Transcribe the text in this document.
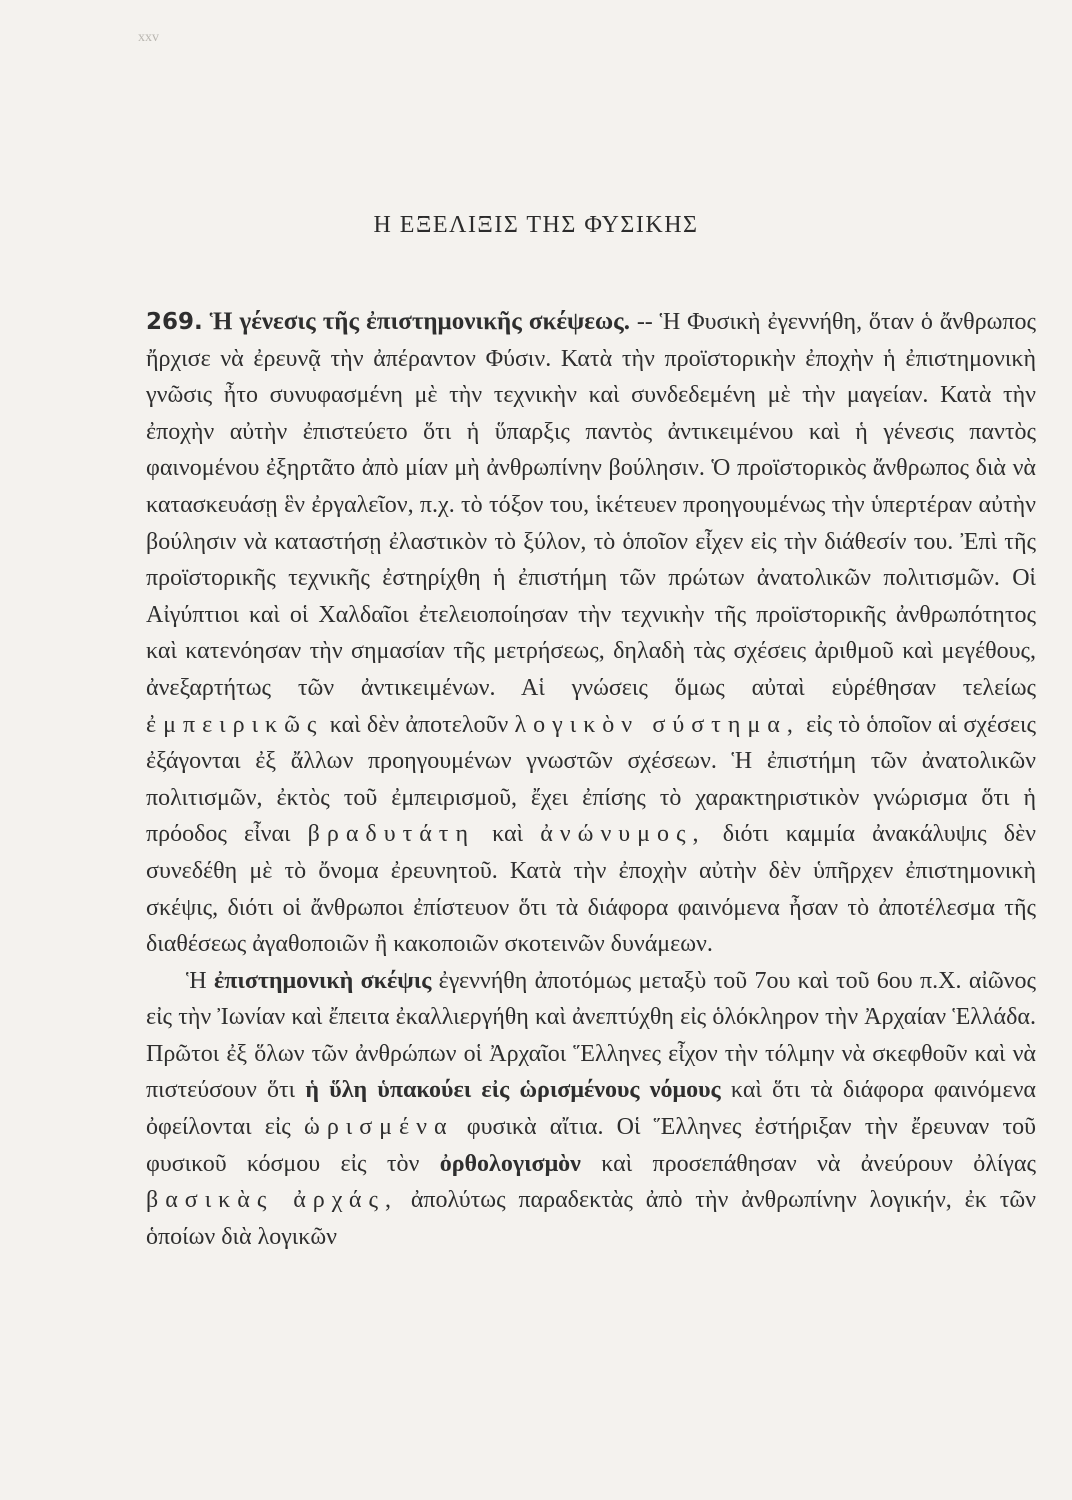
xxv
Η ΕΞΕΛΙΞΙΣ ΤΗΣ ΦΥΣΙΚΗΣ

269. Ἡ γένεσις τῆς ἐπιστημονικῆς σκέψεως. -- Ἡ Φυσικὴ ἐγεννήθη, ὅταν ὁ ἄνθρωπος ἤρχισε νὰ ἐρευνᾷ τὴν ἀπέραντον Φύσιν. Κατὰ τὴν προϊστορικὴν ἐποχὴν ἡ ἐπιστημονικὴ γνῶσις ἦτο συνυφασμένη μὲ τὴν τεχνικὴν καὶ συνδεδεμένη μὲ τὴν μαγείαν. Κατὰ τὴν ἐποχὴν αὐτὴν ἐπιστεύετο ὅτι ἡ ὕπαρξις παντὸς ἀντικειμένου καὶ ἡ γένεσις παντὸς φαινομένου ἐξηρτᾶτο ἀπὸ μίαν μὴ ἀνθρωπίνην βούλησιν. Ὁ προϊστορικὸς ἄνθρωπος διὰ νὰ κατασκευάσῃ ἓν ἐργαλεῖον, π.χ. τὸ τόξον του, ἱκέτευεν προηγουμένως τὴν ὑπερτέραν αὐτὴν βούλησιν νὰ καταστήσῃ ἐλαστικὸν τὸ ξύλον, τὸ ὁποῖον εἶχεν εἰς τὴν διάθεσίν του. Ἐπὶ τῆς προϊστορικῆς τεχνικῆς ἐστηρίχθη ἡ ἐπιστήμη τῶν πρώτων ἀνατολικῶν πολιτισμῶν. Οἱ Αἰγύπτιοι καὶ οἱ Χαλδαῖοι ἐτελειοποίησαν τὴν τεχνικὴν τῆς προϊστορικῆς ἀνθρωπότητος καὶ κατενόησαν τὴν σημασίαν τῆς μετρήσεως, δηλαδὴ τὰς σχέσεις ἀριθμοῦ καὶ μεγέθους, ἀνεξαρτήτως τῶν ἀντικειμένων. Αἱ γνώσεις ὅμως αὐταὶ εὑρέθησαν τελείως ἐμπειρικῶς καὶ δὲν ἀποτελοῦν λογικὸν σύστημα, εἰς τὸ ὁποῖον αἱ σχέσεις ἐξάγονται ἐξ ἄλλων προηγουμένων γνωστῶν σχέσεων. Ἡ ἐπιστήμη τῶν ἀνατολικῶν πολιτισμῶν, ἐκτὸς τοῦ ἐμπειρισμοῦ, ἔχει ἐπίσης τὸ χαρακτηριστικὸν γνώρισμα ὅτι ἡ πρόοδος εἶναι βραδυτάτη καὶ ἀνώνυμος, διότι καμμία ἀνακάλυψις δὲν συνεδέθη μὲ τὸ ὄνομα ἐρευνητοῦ. Κατὰ τὴν ἐποχὴν αὐτὴν δὲν ὑπῆρχεν ἐπιστημονικὴ σκέψις, διότι οἱ ἄνθρωποι ἐπίστευον ὅτι τὰ διάφορα φαινόμενα ἦσαν τὸ ἀποτέλεσμα τῆς διαθέσεως ἀγαθοποιῶν ἢ κακοποιῶν σκοτεινῶν δυνάμεων.

Ἡ ἐπιστημονικὴ σκέψις ἐγεννήθη ἀποτόμως μεταξὺ τοῦ 7ου καὶ τοῦ 6ου π.Χ. αἰῶνος εἰς τὴν Ἰωνίαν καὶ ἔπειτα ἐκαλλιεργήθη καὶ ἀνεπτύχθη εἰς ὁλόκληρον τὴν Ἀρχαίαν Ἑλλάδα. Πρῶτοι ἐξ ὅλων τῶν ἀνθρώπων οἱ Ἀρχαῖοι Ἕλληνες εἶχον τὴν τόλμην νὰ σκεφθοῦν καὶ νὰ πιστεύσουν ὅτι ἡ ὕλη ὑπακούει εἰς ὡρισμένους νόμους καὶ ὅτι τὰ διάφορα φαινόμενα ὀφείλονται εἰς ὡρισμένα φυσικὰ αἴτια. Οἱ Ἕλληνες ἐστήριξαν τὴν ἔρευναν τοῦ φυσικοῦ κόσμου εἰς τὸν ὀρθολογισμὸν καὶ προσεπάθησαν νὰ ἀνεύρουν ὀλίγας βασικὰς ἀρχάς, ἀπολύτως παραδεκτὰς ἀπὸ τὴν ἀνθρωπίνην λογικήν, ἐκ τῶν ὁποίων διὰ λογικῶν
